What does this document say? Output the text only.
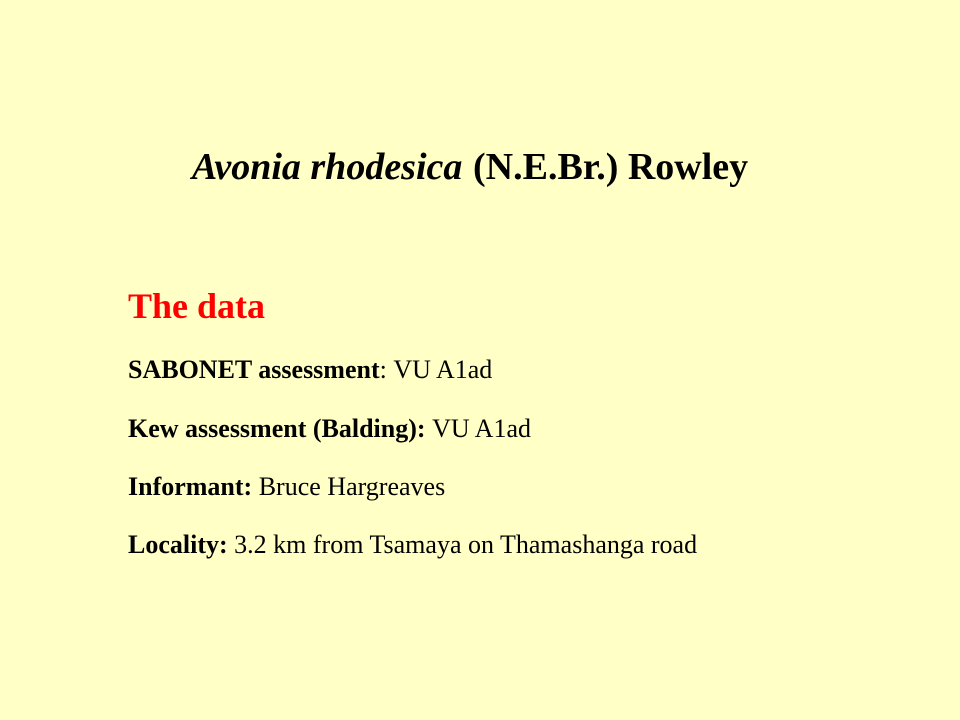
Avonia rhodesica (N.E.Br.) Rowley
The data
SABONET assessment: VU A1ad
Kew assessment (Balding): VU A1ad
Informant: Bruce Hargreaves
Locality: 3.2 km from Tsamaya on Thamashanga road
